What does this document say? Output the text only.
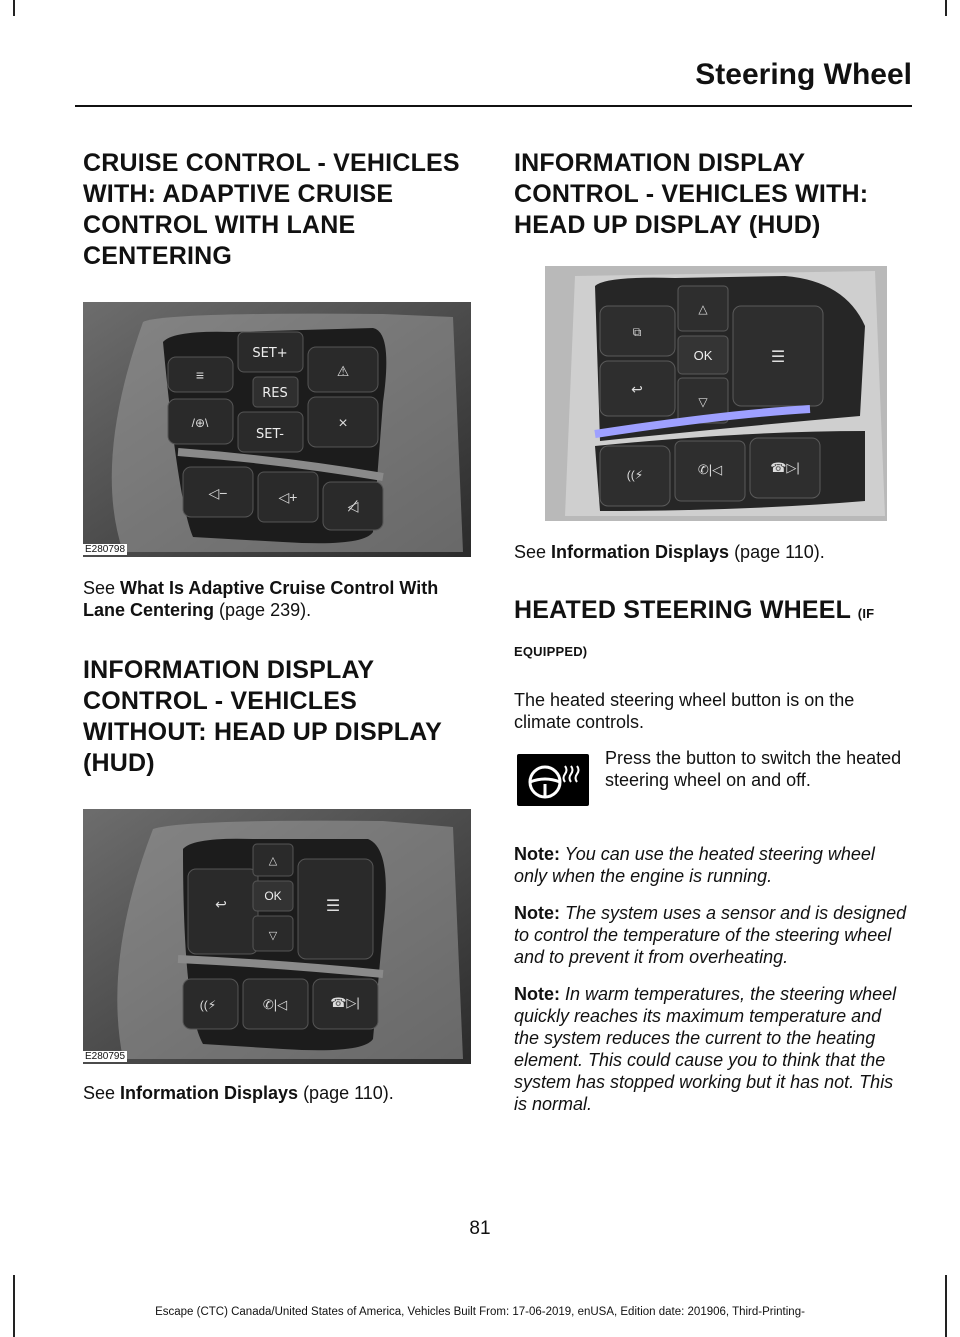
Steering Wheel
CRUISE CONTROL - VEHICLES
WITH: ADAPTIVE CRUISE
CONTROL WITH LANE
CENTERING
SET+
RES
SET-
≡
/⊕\
⚠
×
◁−	◁+
◁̸
E280798

See What Is Adaptive Cruise Control With Lane Centering (page 239).

INFORMATION DISPLAY
CONTROL - VEHICLES
WITHOUT: HEAD UP DISPLAY
(HUD)
△
OK
▽
↩	☰
((⚡	✆|◁	☎▷|
E280795

See Information Displays (page 110).

INFORMATION DISPLAY
CONTROL - VEHICLES WITH:
HEAD UP DISPLAY (HUD)
⧉
↩
△
OK
▽
☰
((⚡	✆|◁	☎▷|

See Information Displays (page 110).

HEATED STEERING WHEEL (IF
EQUIPPED)

The heated steering wheel button is on the climate controls.

Press the button to switch the heated steering wheel on and off.

Note: You can use the heated steering wheel only when the engine is running.

Note: The system uses a sensor and is designed to control the temperature of the steering wheel and to prevent it from overheating.

Note: In warm temperatures, the steering wheel quickly reaches its maximum temperature and the system reduces the current to the heating element. This could cause you to think that the system has stopped working but it has not. This is normal.

81
Escape (CTC) Canada/United States of America, Vehicles Built From: 17-06-2019, enUSA, Edition date: 201906, Third-Printing-
